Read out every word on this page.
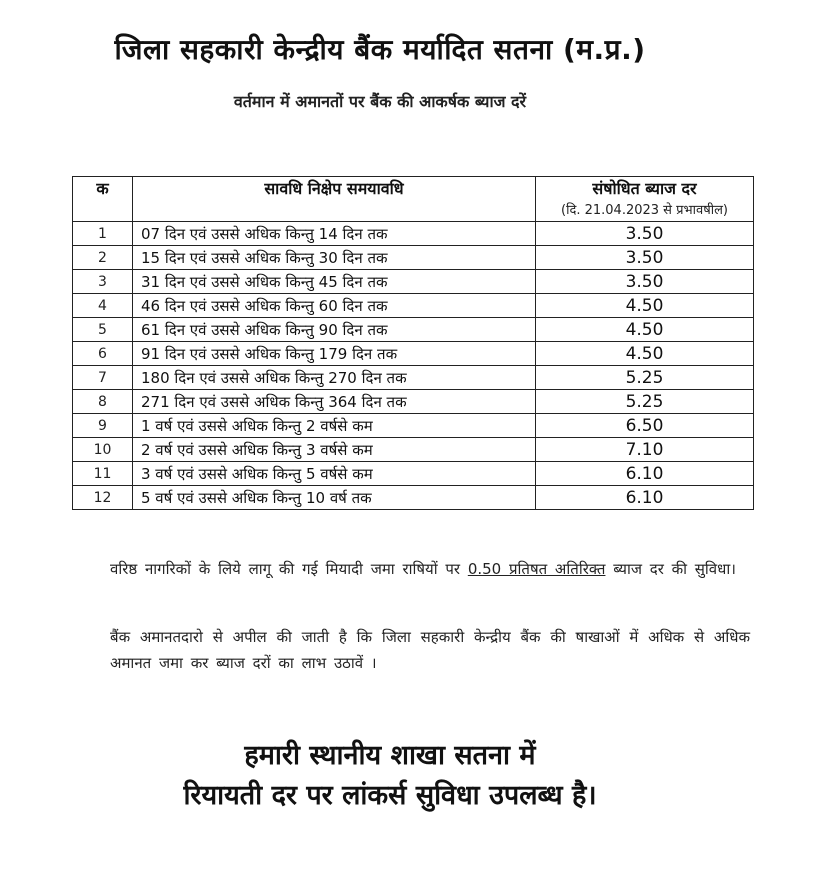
जिला सहकारी केन्द्रीय बैंक मर्यादित सतना (म.प्र.)
वर्तमान में अमानतों पर बैंक की आकर्षक ब्याज दरें
क	सावधि निक्षेप समयावधि	संषोधित ब्याज दर
(दि. 21.04.2023 से प्रभावषील)

1	07 दिन एवं उससे अधिक किन्तु 14 दिन तक	3.50
2	15 दिन एवं उससे अधिक किन्तु 30 दिन तक	3.50
3	31 दिन एवं उससे अधिक किन्तु 45 दिन तक	3.50
4	46 दिन एवं उससे अधिक किन्तु 60 दिन तक	4.50
5	61 दिन एवं उससे अधिक किन्तु 90 दिन तक	4.50
6	91 दिन एवं उससे अधिक किन्तु 179 दिन तक	4.50
7	180 दिन एवं उससे अधिक किन्तु 270 दिन तक	5.25
8	271 दिन एवं उससे अधिक किन्तु 364 दिन तक	5.25
9	1 वर्ष एवं उससे अधिक किन्तु 2 वर्षसे कम	6.50
10	2 वर्ष एवं उससे अधिक किन्तु 3 वर्षसे कम	7.10
11	3 वर्ष एवं उससे अधिक किन्तु 5 वर्षसे कम	6.10
12	5 वर्ष एवं उससे अधिक किन्तु 10 वर्ष तक	6.10
वरिष्ठ नागरिकों के लिये लागू की गई मियादी जमा राषियों पर 0.50 प्रतिषत अतिरिक्त ब्याज दर की सुविधा।
बैंक अमानतदारो से अपील की जाती है कि जिला सहकारी केन्द्रीय बैंक की षाखाओं में अधिक से अधिक अमानत जमा कर ब्याज दरों का लाभ उठावें ।
हमारी स्थानीय शाखा सतना में
रियायती दर पर लांकर्स सुविधा उपलब्ध है।
